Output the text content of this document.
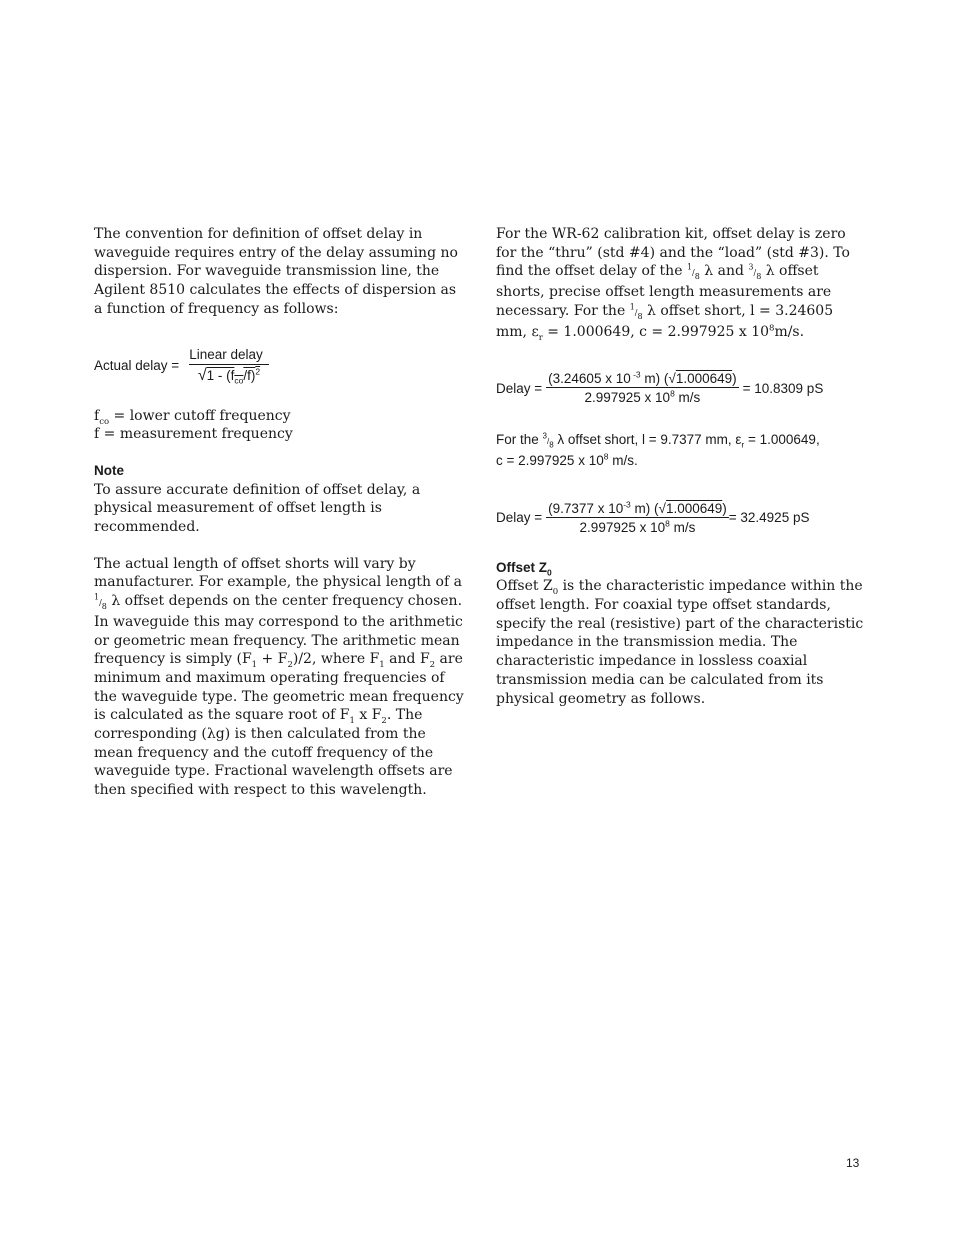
The convention for definition of offset delay in waveguide requires entry of the delay assuming no dispersion. For waveguide transmission line, the Agilent 8510 calculates the effects of dispersion as a function of frequency as follows:

Actual delay = $\frac{\text{Linear delay}}{√1 - (f_{co}/f)^2}$

$f_{co}$ = lower cutoff frequency

f = measurement frequency

Note

To assure accurate definition of offset delay, a physical measurement of offset length is recommended.

The actual length of offset shorts will vary by manufacturer. For example, the physical length of a $^1/_8$ λ offset depends on the center frequency chosen. In waveguide this may correspond to the arithmetic or geometric mean frequency. The arithmetic mean frequency is simply $(F_1 + F_2)/2$, where $F_1$ and $F_2$ are minimum and maximum operating frequencies of the waveguide type. The geometric mean frequency is calculated as the square root of $F_1$ x $F_2$. The corresponding (λg) is then calculated from the mean frequency and the cutoff frequency of the waveguide type. Fractional wavelength offsets are then specified with respect to this wavelength.

For the WR-62 calibration kit, offset delay is zero for the “thru” (std #4) and the “load” (std #3). To find the offset delay of the $^1/_8$ λ and $^3/_8$ λ offset shorts, precise offset length measurements are necessary. For the $^1/_8$ λ offset short, l = 3.24605 mm, $\varepsilon_r = 1.000649$, c = 2.997925 x $10^8m/s$.

Delay = $\frac{(3.24605 x 10 ^{-3} m) (√1.000649)}{2.997925 x 10^8 m/s} = 10.8309$ pS

For the $^3/_8$ λ offset short, l = 9.7377 mm, $\varepsilon_r = 1.000649$,
c = 2.997925 x $10^8$ m/s.

Delay = $\frac{(9.7377 x 10^{-3} m) (√1.000649)}{2.997925 x 10^8 m/s} = 32.4925$ pS

Offset $Z_0$

Offset $Z_0$ is the characteristic impedance within the offset length. For coaxial type offset standards, specify the real (resistive) part of the characteristic impedance in the transmission media. The characteristic impedance in lossless coaxial transmission media can be calculated from its physical geometry as follows.

13
